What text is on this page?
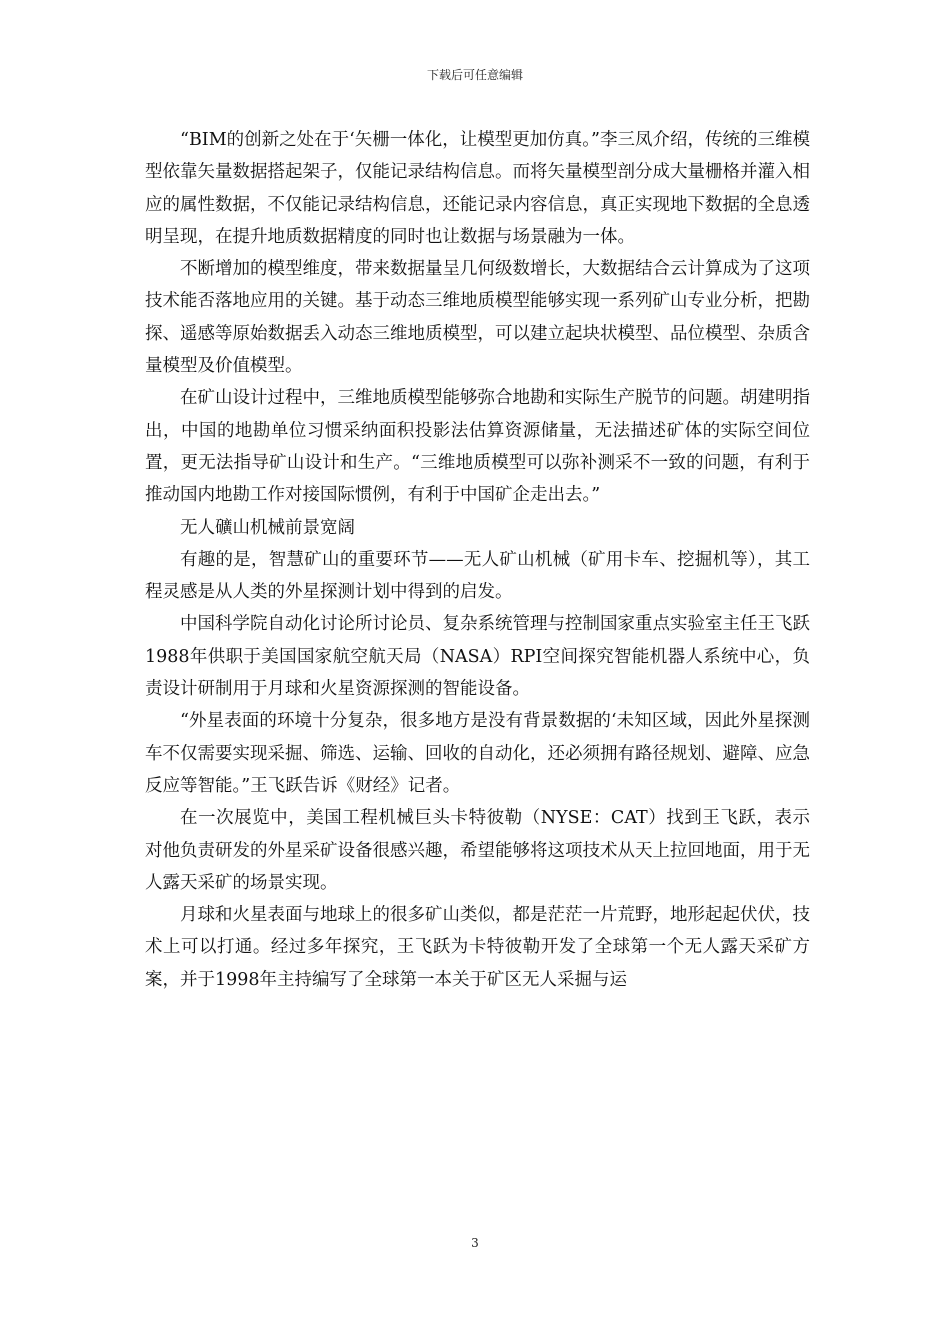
下载后可任意编辑

“BIM的创新之处在于‘矢栅一体化，让模型更加仿真。”李三凤介绍，传统的三维模型依靠矢量数据搭起架子，仅能记录结构信息。而将矢量模型剖分成大量栅格并灌入相应的属性数据，不仅能记录结构信息，还能记录内容信息，真正实现地下数据的全息透明呈现，在提升地质数据精度的同时也让数据与场景融为一体。

不断增加的模型维度，带来数据量呈几何级数增长，大数据结合云计算成为了这项技术能否落地应用的关键。基于动态三维地质模型能够实现一系列矿山专业分析，把勘探、遥感等原始数据丢入动态三维地质模型，可以建立起块状模型、品位模型、杂质含量模型及价值模型。

在矿山设计过程中，三维地质模型能够弥合地勘和实际生产脱节的问题。胡建明指出，中国的地勘单位习惯采纳面积投影法估算资源储量，无法描述矿体的实际空间位置，更无法指导矿山设计和生产。“三维地质模型可以弥补测采不一致的问题，有利于推动国内地勘工作对接国际惯例，有利于中国矿企走出去。”

无人礦山机械前景宽阔

有趣的是，智慧矿山的重要环节——无人矿山机械（矿用卡车、挖掘机等），其工程灵感是从人类的外星探测计划中得到的启发。

中国科学院自动化讨论所讨论员、复杂系统管理与控制国家重点实验室主任王飞跃1988年供职于美国国家航空航天局（NASA）RPI空间探究智能机器人系统中心，负责设计研制用于月球和火星资源探测的智能设备。

“外星表面的环境十分复杂，很多地方是没有背景数据的‘未知区域，因此外星探测车不仅需要实现采掘、筛选、运输、回收的自动化，还必须拥有路径规划、避障、应急反应等智能。”王飞跃告诉《财经》记者。

在一次展览中，美国工程机械巨头卡特彼勒（NYSE：CAT）找到王飞跃，表示对他负责研发的外星采矿设备很感兴趣，希望能够将这项技术从天上拉回地面，用于无人露天采矿的场景实现。

月球和火星表面与地球上的很多矿山类似，都是茫茫一片荒野，地形起起伏伏，技术上可以打通。经过多年探究，王飞跃为卡特彼勒开发了全球第一个无人露天采矿方案，并于1998年主持编写了全球第一本关于矿区无人采掘与运

3
